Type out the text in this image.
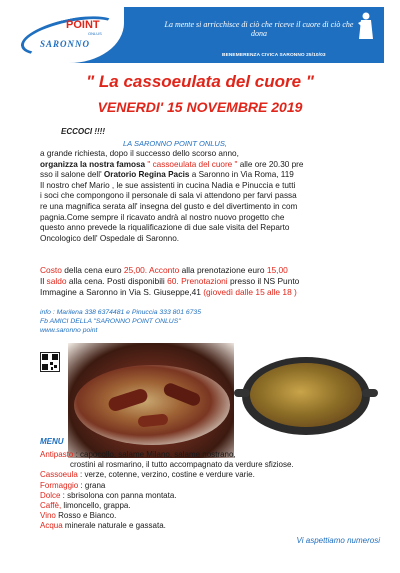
POINT
ONLUS
SARONNO
La mente si arricchisce di ciò che riceve il cuore di ciò che dona
BENEMERENZA CIVICA SARONNO 25/10/03
" La cassoeulata del cuore "
VENERDI' 15 NOVEMBRE 2019
ECCOCI !!!!
LA SARONNO POINT ONLUS,
a grande richiesta, dopo il successo dello scorso anno,
organizza la nostra famosa " cassoeulata del cuore " alle ore 20.30 pre
sso il salone dell' Oratorio Regina Pacis a Saronno in Via Roma, 119
Il nostro chef Mario , le sue assistenti in cucina Nadia e Pinuccia e tutti
i soci che compongono il personale di sala vi attendono per farvi passa
re una magnifica serata all' insegna del gusto e del divertimento in com
pagnia.Come sempre il ricavato andrà al nostro nuovo progetto che
questo anno prevede la riqualificazione di due sale visita del Reparto
Oncologico dell' Ospedale di Saronno.
Costo della cena euro 25,00. Acconto alla prenotazione euro 15,00
Il saldo alla cena. Posti disponibili 60. Prenotazioni presso il NS Punto
Immagine a Saronno in Via S. Giuseppe,41 (giovedì dalle 15 alle 18 )
info : Marilena 338 6374481 e Pinuccia 333 801 6735
Fb AMICI DELLA "SARONNO POINT ONLUS"
www.saronno point
MENU
Antipasto : capocollo, salame Milano, salame nostrano,
crostini al rosmarino, il tutto accompagnato da verdure sfiziose.
Cassoeula : verze, cotenne, verzino, costine e verdure varie.
Formaggio : grana
Dolce : sbrisolona con panna montata.
Caffè, limoncello, grappa.
Vino Rosso e Bianco.
Acqua minerale naturale e gassata.
Vi aspettiamo numerosi
